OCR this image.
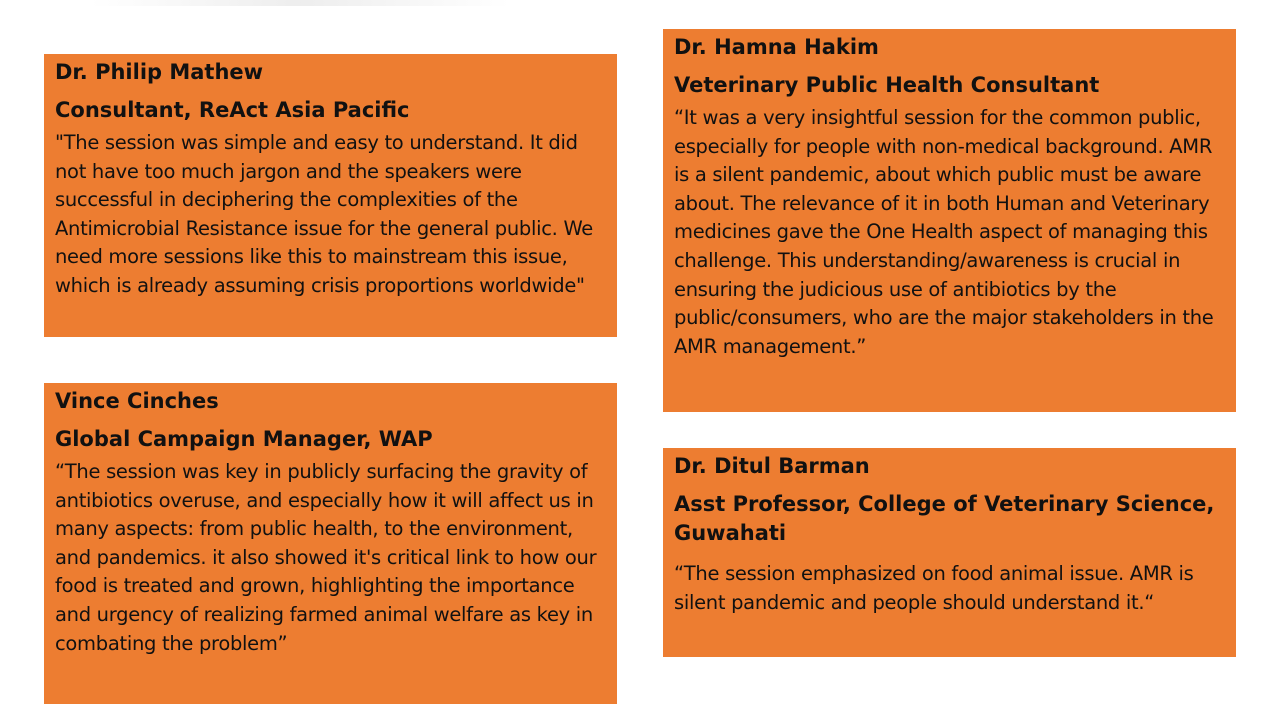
Dr. Philip Mathew
Consultant, ReAct Asia Pacific
"The session was simple and easy to understand. It did not have too much jargon and the speakers were successful in deciphering the complexities of the Antimicrobial Resistance issue for the general public. We need more sessions like this to mainstream this issue, which is already assuming crisis proportions worldwide"
Dr. Hamna Hakim
Veterinary Public Health Consultant
“It was a very insightful session for the common public, especially for people with non-medical background. AMR is a silent pandemic, about which public must be aware about. The relevance of it in both Human and Veterinary medicines gave the One Health aspect of managing this challenge. This understanding/awareness is crucial in ensuring the judicious use of antibiotics by the public/consumers, who are the major stakeholders in the AMR management.”
Vince Cinches
Global Campaign Manager, WAP
“The session was key in publicly surfacing the gravity of antibiotics overuse, and especially how it will affect us in many aspects: from public health, to the environment, and pandemics. it also showed it's critical link to how our food is treated and grown, highlighting the importance and urgency of realizing farmed animal welfare as key in combating the problem”
Dr. Ditul Barman
Asst Professor, College of Veterinary Science, Guwahati
“The session emphasized on food animal issue. AMR is silent pandemic and people should understand it.“
